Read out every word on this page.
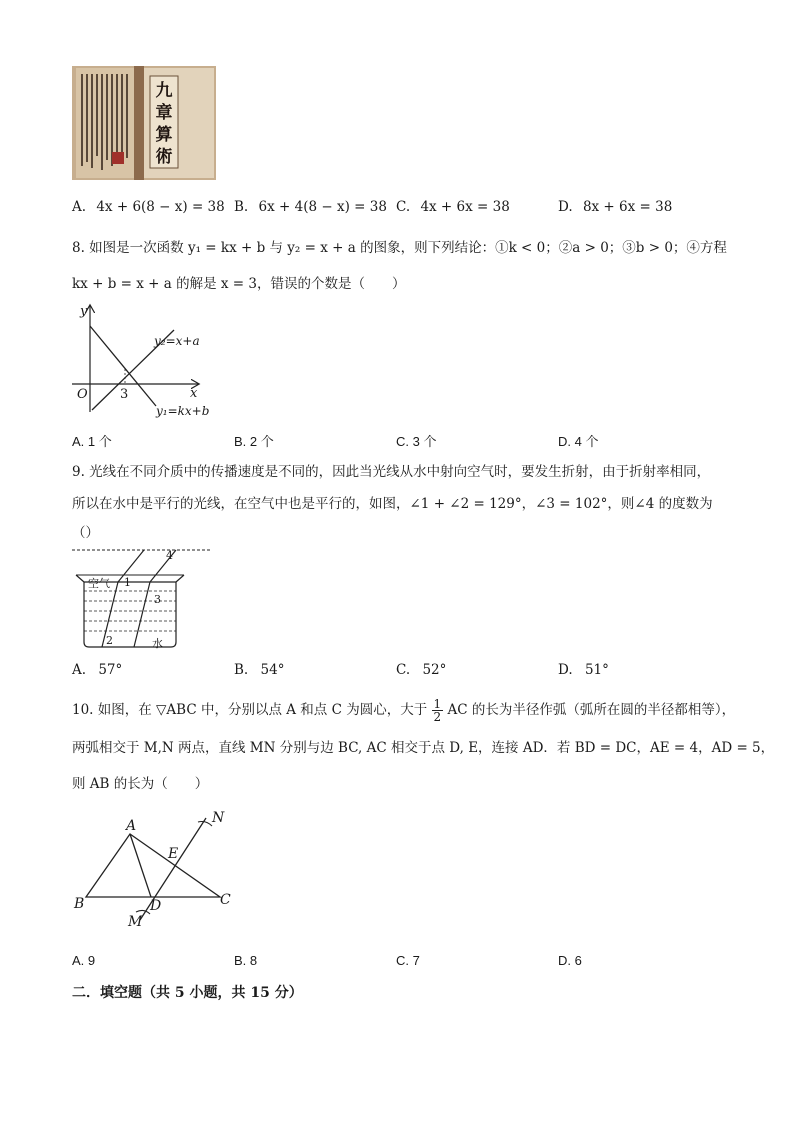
九
章
算
術
A. 4x + 6(8 − x) = 38 B. 6x + 4(8 − x) = 38 C. 4x + 6x = 38	D. 8x + 6x = 38
8. 如图是一次函数 y₁ = kx + b 与 y₂ = x + a 的图象，则下列结论：①k < 0；②a > 0；③b > 0；④方程
kx + b = x + a 的解是 x = 3，错误的个数是（　　）
y
x
O 3
y₂=x+a
y₁=kx+b
A. 1 个	B. 2 个	C. 3 个	D. 4 个
9. 光线在不同介质中的传播速度是不同的，因此当光线从水中射向空气时，要发生折射，由于折射率相同，
所以在水中是平行的光线，在空气中也是平行的，如图，∠1 + ∠2 = 129°，∠3 = 102°，则∠4 的度数为
（）
空气
水
1
2
3
4
A. 57°	B. 54°	C. 52°	D. 51°
10. 如图，在 ▽ABC 中，分别以点 A 和点 C 为圆心，大于 $\frac{1}{2}$ AC 的长为半径作弧（弧所在圆的半径都相等），
两弧相交于 M,N 两点，直线 MN 分别与边 BC, AC 相交于点 D, E，连接 AD．若 BD = DC，AE = 4，AD = 5，
则 AB 的长为（　　）
A
B	C
D
E
M
N
A. 9	B. 8	C. 7	D. 6
二．填空题（共 5 小题，共 15 分）
